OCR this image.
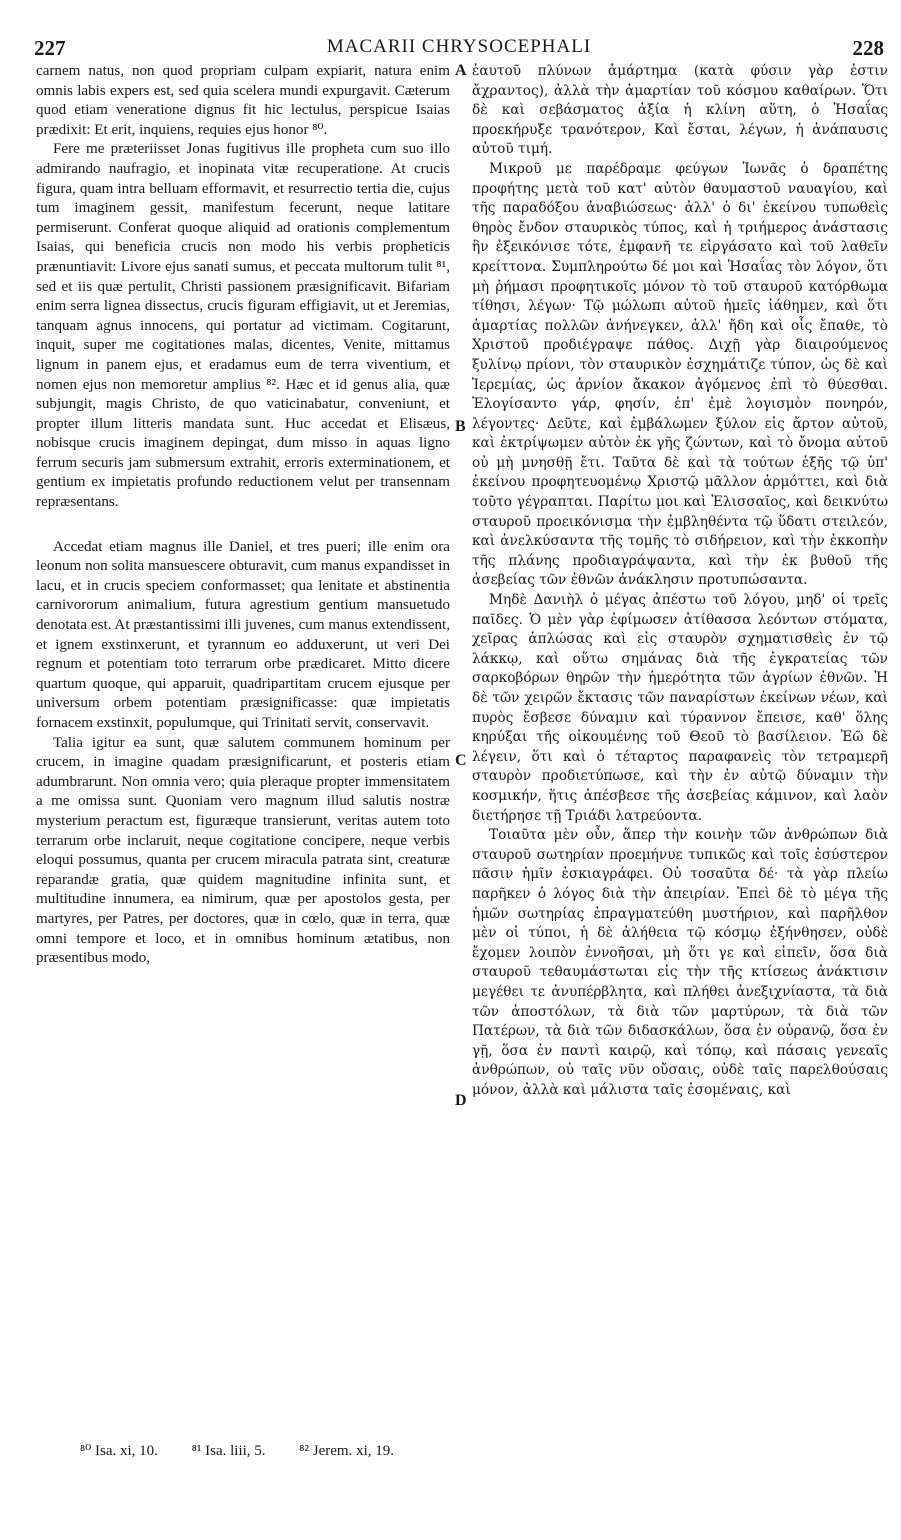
227	MACARII CHRYSOCEPHALI	228
A
B
C
D

carnem natus, non quod propriam culpam expiarit, natura enim omnis labis expers est, sed quia scelera mundi expurgavit. Cæterum quod etiam veneratione dignus fit hic lectulus, perspicue Isaias prædixit: Et erit, inquiens, requies ejus honor ⁸⁰.

Fere me præteriisset Jonas fugitivus ille propheta cum suo illo admirando naufragio, et inopinata vitæ recuperatione. At crucis figura, quam intra belluam efformavit, et resurrectio tertia die, cujus tum imaginem gessit, manifestum fecerunt, neque latitare permiserunt. Conferat quoque aliquid ad orationis complementum Isaias, qui beneficia crucis non modo his verbis propheticis prænuntiavit: Livore ejus sanati sumus, et peccata multorum tulit ⁸¹, sed et iis quæ pertulit, Christi passionem præsignificavit. Bifariam enim serra lignea dissectus, crucis figuram effigiavit, ut et Jeremias, tanquam agnus innocens, qui portatur ad victimam. Cogitarunt, inquit, super me cogitationes malas, dicentes, Venite, mittamus lignum in panem ejus, et eradamus eum de terra viventium, et nomen ejus non memoretur amplius ⁸². Hæc et id genus alia, quæ subjungit, magis Christo, de quo vaticinabatur, conveniunt, et propter illum litteris mandata sunt. Huc accedat et Elisæus, nobisque crucis imaginem depingat, dum misso in aquas ligno ferrum securis jam submersum extrahit, erroris exterminationem, et gentium ex impietatis profundo reductionem velut per transennam repræsentans.

Accedat etiam magnus ille Daniel, et tres pueri; ille enim ora leonum non solita mansuescere obturavit, cum manus expandisset in lacu, et in crucis speciem conformasset; qua lenitate et abstinentia carnivororum animalium, futura agrestium gentium mansuetudo denotata est. At præstantissimi illi juvenes, cum manus extendissent, et ignem exstinxerunt, et tyrannum eo adduxerunt, ut veri Dei regnum et potentiam toto terrarum orbe prædicaret. Mitto dicere quartum quoque, qui apparuit, quadripartitam crucem ejusque per universum orbem potentiam præsignificasse: quæ impietatis fornacem exstinxit, populumque, qui Trinitati servit, conservavit.

Talia igitur ea sunt, quæ salutem communem hominum per crucem, in imagine quadam præsignificarunt, et posteris etiam adumbrarunt. Non omnia vero; quia pleraque propter immensitatem a me omissa sunt. Quoniam vero magnum illud salutis nostræ mysterium peractum est, figuræque transierunt, veritas autem toto terrarum orbe inclaruit, neque cogitatione concipere, neque verbis eloqui possumus, quanta per crucem miracula patrata sint, creaturæ reparandæ gratia, quæ quidem magnitudine infinita sunt, et multitudine innumera, ea nimirum, quæ per apostolos gesta, per martyres, per Patres, per doctores, quæ in cœlo, quæ in terra, quæ omni tempore et loco, et in omnibus hominum ætatibus, non præsentibus modo,

ἑαυτοῦ πλύνων ἁμάρτημα (κατὰ φύσιν γὰρ ἐστιν ἄχραντος), ἀλλὰ τὴν ἁμαρτίαν τοῦ κόσμου καθαίρων. Ὅτι δὲ καὶ σεβάσματος ἀξία ἡ κλίνη αὕτη, ὁ Ἡσαΐας προεκήρυξε τρανότερον, Καὶ ἔσται, λέγων, ἡ ἀνάπαυσις αὐτοῦ τιμή.

Μικροῦ με παρέδραμε φεύγων Ἰωνᾶς ὁ δραπέτης προφήτης μετὰ τοῦ κατ' αὐτὸν θαυμαστοῦ ναυαγίου, καὶ τῆς παραδόξου ἀναβιώσεως· ἀλλ' ὁ δι' ἐκείνου τυπωθεὶς θηρὸς ἔνδον σταυρικὸς τύπος, καὶ ἡ τριήμερος ἀνάστασις ἣν ἐξεικόνισε τότε, ἐμφανῆ τε εἰργάσατο καὶ τοῦ λαθεῖν κρείττονα. Συμπληρούτω δέ μοι καὶ Ἡσαΐας τὸν λόγον, ὅτι μὴ ῥήμασι προφητικοῖς μόνον τὸ τοῦ σταυροῦ κατόρθωμα τίθησι, λέγων· Τῷ μώλωπι αὐτοῦ ἡμεῖς ἰάθημεν, καὶ ὅτι ἁμαρτίας πολλῶν ἀνήνεγκεν, ἀλλ' ἤδη καὶ οἷς ἔπαθε, τὸ Χριστοῦ προδιέγραψε πάθος. Διχῇ γὰρ διαιρούμενος ξυλίνῳ πρίονι, τὸν σταυρικὸν ἐσχημάτιζε τύπον, ὡς δὲ καὶ Ἱερεμίας, ὡς ἀρνίον ἄκακον ἀγόμενος ἐπὶ τὸ θύεσθαι. Ἐλογίσαντο γάρ, φησίν, ἐπ' ἐμὲ λογισμὸν πονηρόν, λέγοντες· Δεῦτε, καὶ ἐμβάλωμεν ξύλον εἰς ἄρτον αὐτοῦ, καὶ ἐκτρίψωμεν αὐτὸν ἐκ γῆς ζώντων, καὶ τὸ ὄνομα αὐτοῦ οὐ μὴ μνησθῇ ἔτι. Ταῦτα δὲ καὶ τὰ τούτων ἑξῆς τῷ ὑπ' ἐκείνου προφητευομένῳ Χριστῷ μᾶλλον ἁρμόττει, καὶ διὰ τοῦτο γέγραπται. Παρίτω μοι καὶ Ἐλισσαῖος, καὶ δεικνύτω σταυροῦ προεικόνισμα τὴν ἐμβληθέντα τῷ ὕδατι στειλεόν, καὶ ἀνελκύσαντα τῆς τομῆς τὸ σιδήρειον, καὶ τὴν ἐκκοπὴν τῆς πλάνης προδιαγράψαντα, καὶ τὴν ἐκ βυθοῦ τῆς ἀσεβείας τῶν ἐθνῶν ἀνάκλησιν προτυπώσαντα.

Μηδὲ Δανιὴλ ὁ μέγας ἀπέστω τοῦ λόγου, μηδ' οἱ τρεῖς παῖδες. Ὁ μὲν γὰρ ἐφίμωσεν ἀτίθασσα λεόντων στόματα, χεῖρας ἁπλώσας καὶ εἰς σταυρὸν σχηματισθεὶς ἐν τῷ λάκκῳ, καὶ οὕτω σημάνας διὰ τῆς ἐγκρατείας τῶν σαρκοβόρων θηρῶν τὴν ἡμερότητα τῶν ἀγρίων ἐθνῶν. Ἡ δὲ τῶν χειρῶν ἔκτασις τῶν παναρίστων ἐκείνων νέων, καὶ πυρὸς ἔσβεσε δύναμιν καὶ τύραννον ἔπεισε, καθ' ὅλης κηρύξαι τῆς οἰκουμένης τοῦ Θεοῦ τὸ βασίλειον. Ἐῶ δὲ λέγειν, ὅτι καὶ ὁ τέταρτος παραφανεὶς τὸν τετραμερῆ σταυρὸν προδιετύπωσε, καὶ τὴν ἐν αὐτῷ δύναμιν τὴν κοσμικήν, ἥτις ἀπέσβεσε τῆς ἀσεβείας κάμινον, καὶ λαὸν διετήρησε τῇ Τριάδι λατρεύοντα.

Τοιαῦτα μὲν οὖν, ἅπερ τὴν κοινὴν τῶν ἀνθρώπων διὰ σταυροῦ σωτηρίαν προεμήνυε τυπικῶς καὶ τοῖς ἐσύστερον πᾶσιν ἡμῖν ἐσκιαγράφει. Οὐ τοσαῦτα δέ· τὰ γὰρ πλείω παρῆκεν ὁ λόγος διὰ τὴν ἀπειρίαν. Ἐπεὶ δὲ τὸ μέγα τῆς ἡμῶν σωτηρίας ἐπραγματεύθη μυστήριον, καὶ παρῆλθον μὲν οἱ τύποι, ἡ δὲ ἀλήθεια τῷ κόσμῳ ἐξήνθησεν, οὐδὲ ἔχομεν λοιπὸν ἐννοῆσαι, μὴ ὅτι γε καὶ εἰπεῖν, ὅσα διὰ σταυροῦ τεθαυμάστωται εἰς τὴν τῆς κτίσεως ἀνάκτισιν μεγέθει τε ἀνυπέρβλητα, καὶ πλήθει ἀνεξιχνίαστα, τὰ διὰ τῶν ἀποστόλων, τὰ διὰ τῶν μαρτύρων, τὰ διὰ τῶν Πατέρων, τὰ διὰ τῶν διδασκάλων, ὅσα ἐν οὐρανῷ, ὅσα ἐν γῇ, ὅσα ἐν παντὶ καιρῷ, καὶ τόπῳ, καὶ πάσαις γενεαῖς ἀνθρώπων, οὐ ταῖς νῦν οὔσαις, οὐδὲ ταῖς παρελθούσαις μόνον, ἀλλὰ καὶ μάλιστα ταῖς ἐσομέναις, καὶ

⁸⁰ Isa. xi, 10. ⁸¹ Isa. liii, 5. ⁸² Jerem. xi, 19.
